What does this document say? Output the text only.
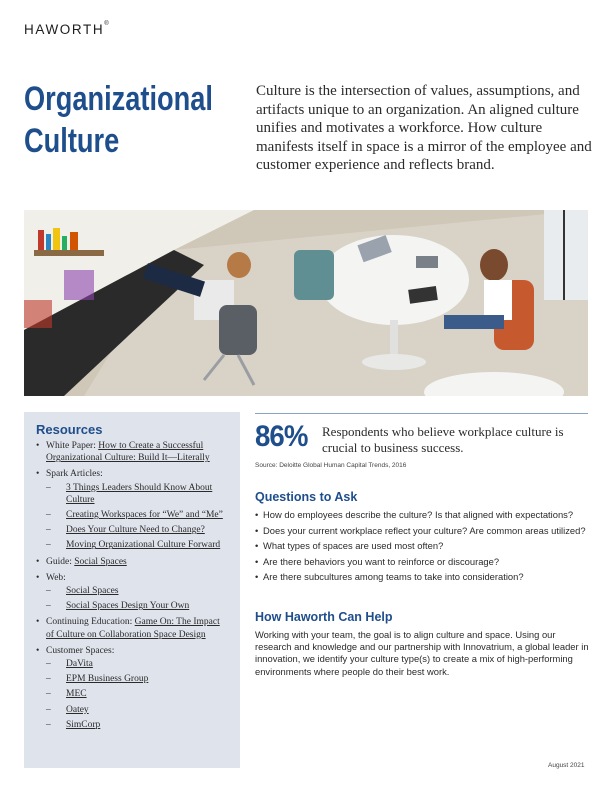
HAWORTH®
Organizational
Culture

Culture is the intersection of values, assumptions, and artifacts unique to an organization. An aligned culture unifies and motivates a workforce. How culture manifests itself in space is a mirror of the employee and customer experience and reflects brand.

Resources
• White Paper: How to Create a Successful Organizational Culture: Build It—Literally
• Spark Articles:
– 3 Things Leaders Should Know About Culture
– Creating Workspaces for “We” and “Me”
– Does Your Culture Need to Change?
– Moving Organizational Culture Forward
• Guide: Social Spaces
• Web:
– Social Spaces
– Social Spaces Design Your Own
• Continuing Education: Game On: The Impact of Culture on Collaboration Space Design
• Customer Spaces:
– DaVita
– EPM Business Group
– MEC
– Oatey
– SimCorp
86% Respondents who believe workplace culture is crucial to business success.
Source: Deloitte Global Human Capital Trends, 2016
Questions to Ask
• How do employees describe the culture? Is that aligned with expectations?
• Does your current workplace reflect your culture? Are common areas utilized?
• What types of spaces are used most often?
• Are there behaviors you want to reinforce or discourage?
• Are there subcultures among teams to take into consideration?
How Haworth Can Help

Working with your team, the goal is to align culture and space. Using our research and knowledge and our partnership with Innovatrium, a global leader in innovation, we identify your culture type(s) to create a mix of high-performing environments where people do their best work.

August 2021
